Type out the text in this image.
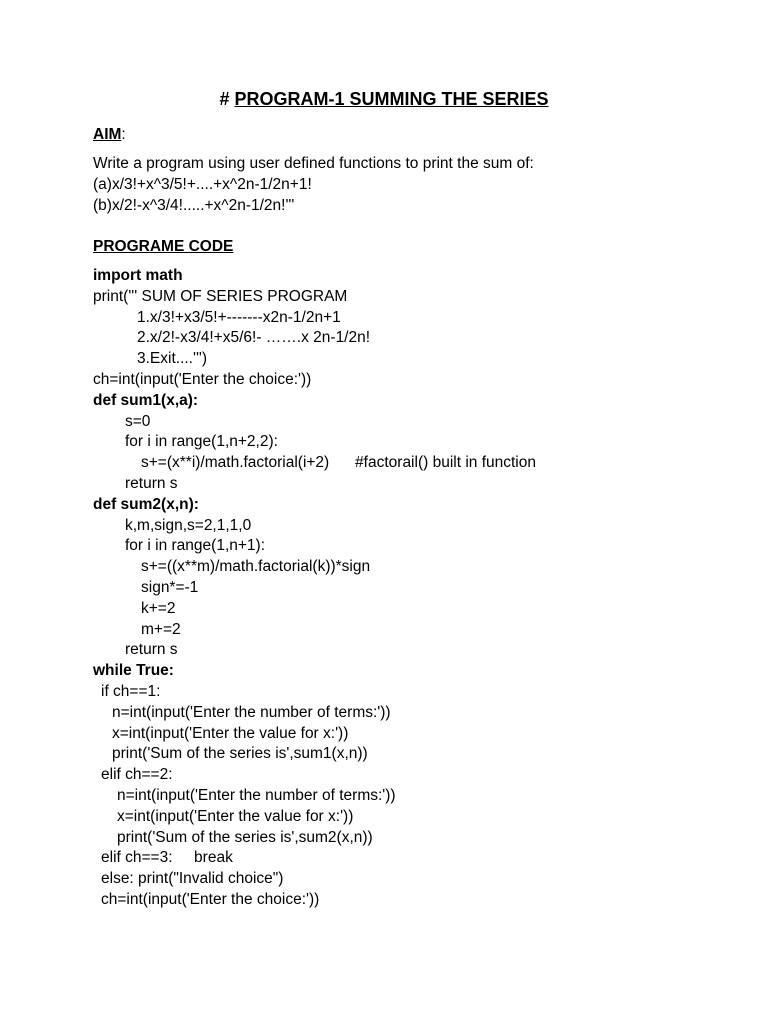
# PROGRAM-1 SUMMING THE SERIES
AIM:
Write a program using user defined functions to print the sum of:
(a)x/3!+x^3/5!+....+x^2n-1/2n+1!
(b)x/2!-x^3/4!.....+x^2n-1/2n!'''
PROGRAME CODE
import math
print(''' SUM OF SERIES PROGRAM
1.x/3!+x3/5!+-------x2n-1/2n+1
2.x/2!-x3/4!+x5/6!- …….x 2n-1/2n!
3.Exit....''')
ch=int(input('Enter the choice:'))
def sum1(x,a):
s=0
for i in range(1,n+2,2):
s+=(x**i)/math.factorial(i+2)      #factorail() built in function
return s
def sum2(x,n):
k,m,sign,s=2,1,1,0
for i in range(1,n+1):
s+=((x**m)/math.factorial(k))*sign
sign*=-1
k+=2
m+=2
return s
while True:
if ch==1:
n=int(input('Enter the number of terms:'))
x=int(input('Enter the value for x:'))
print('Sum of the series is',sum1(x,n))
elif ch==2:
n=int(input('Enter the number of terms:'))
x=int(input('Enter the value for x:'))
print('Sum of the series is',sum2(x,n))
elif ch==3:     break
else: print("Invalid choice")
ch=int(input('Enter the choice:'))
